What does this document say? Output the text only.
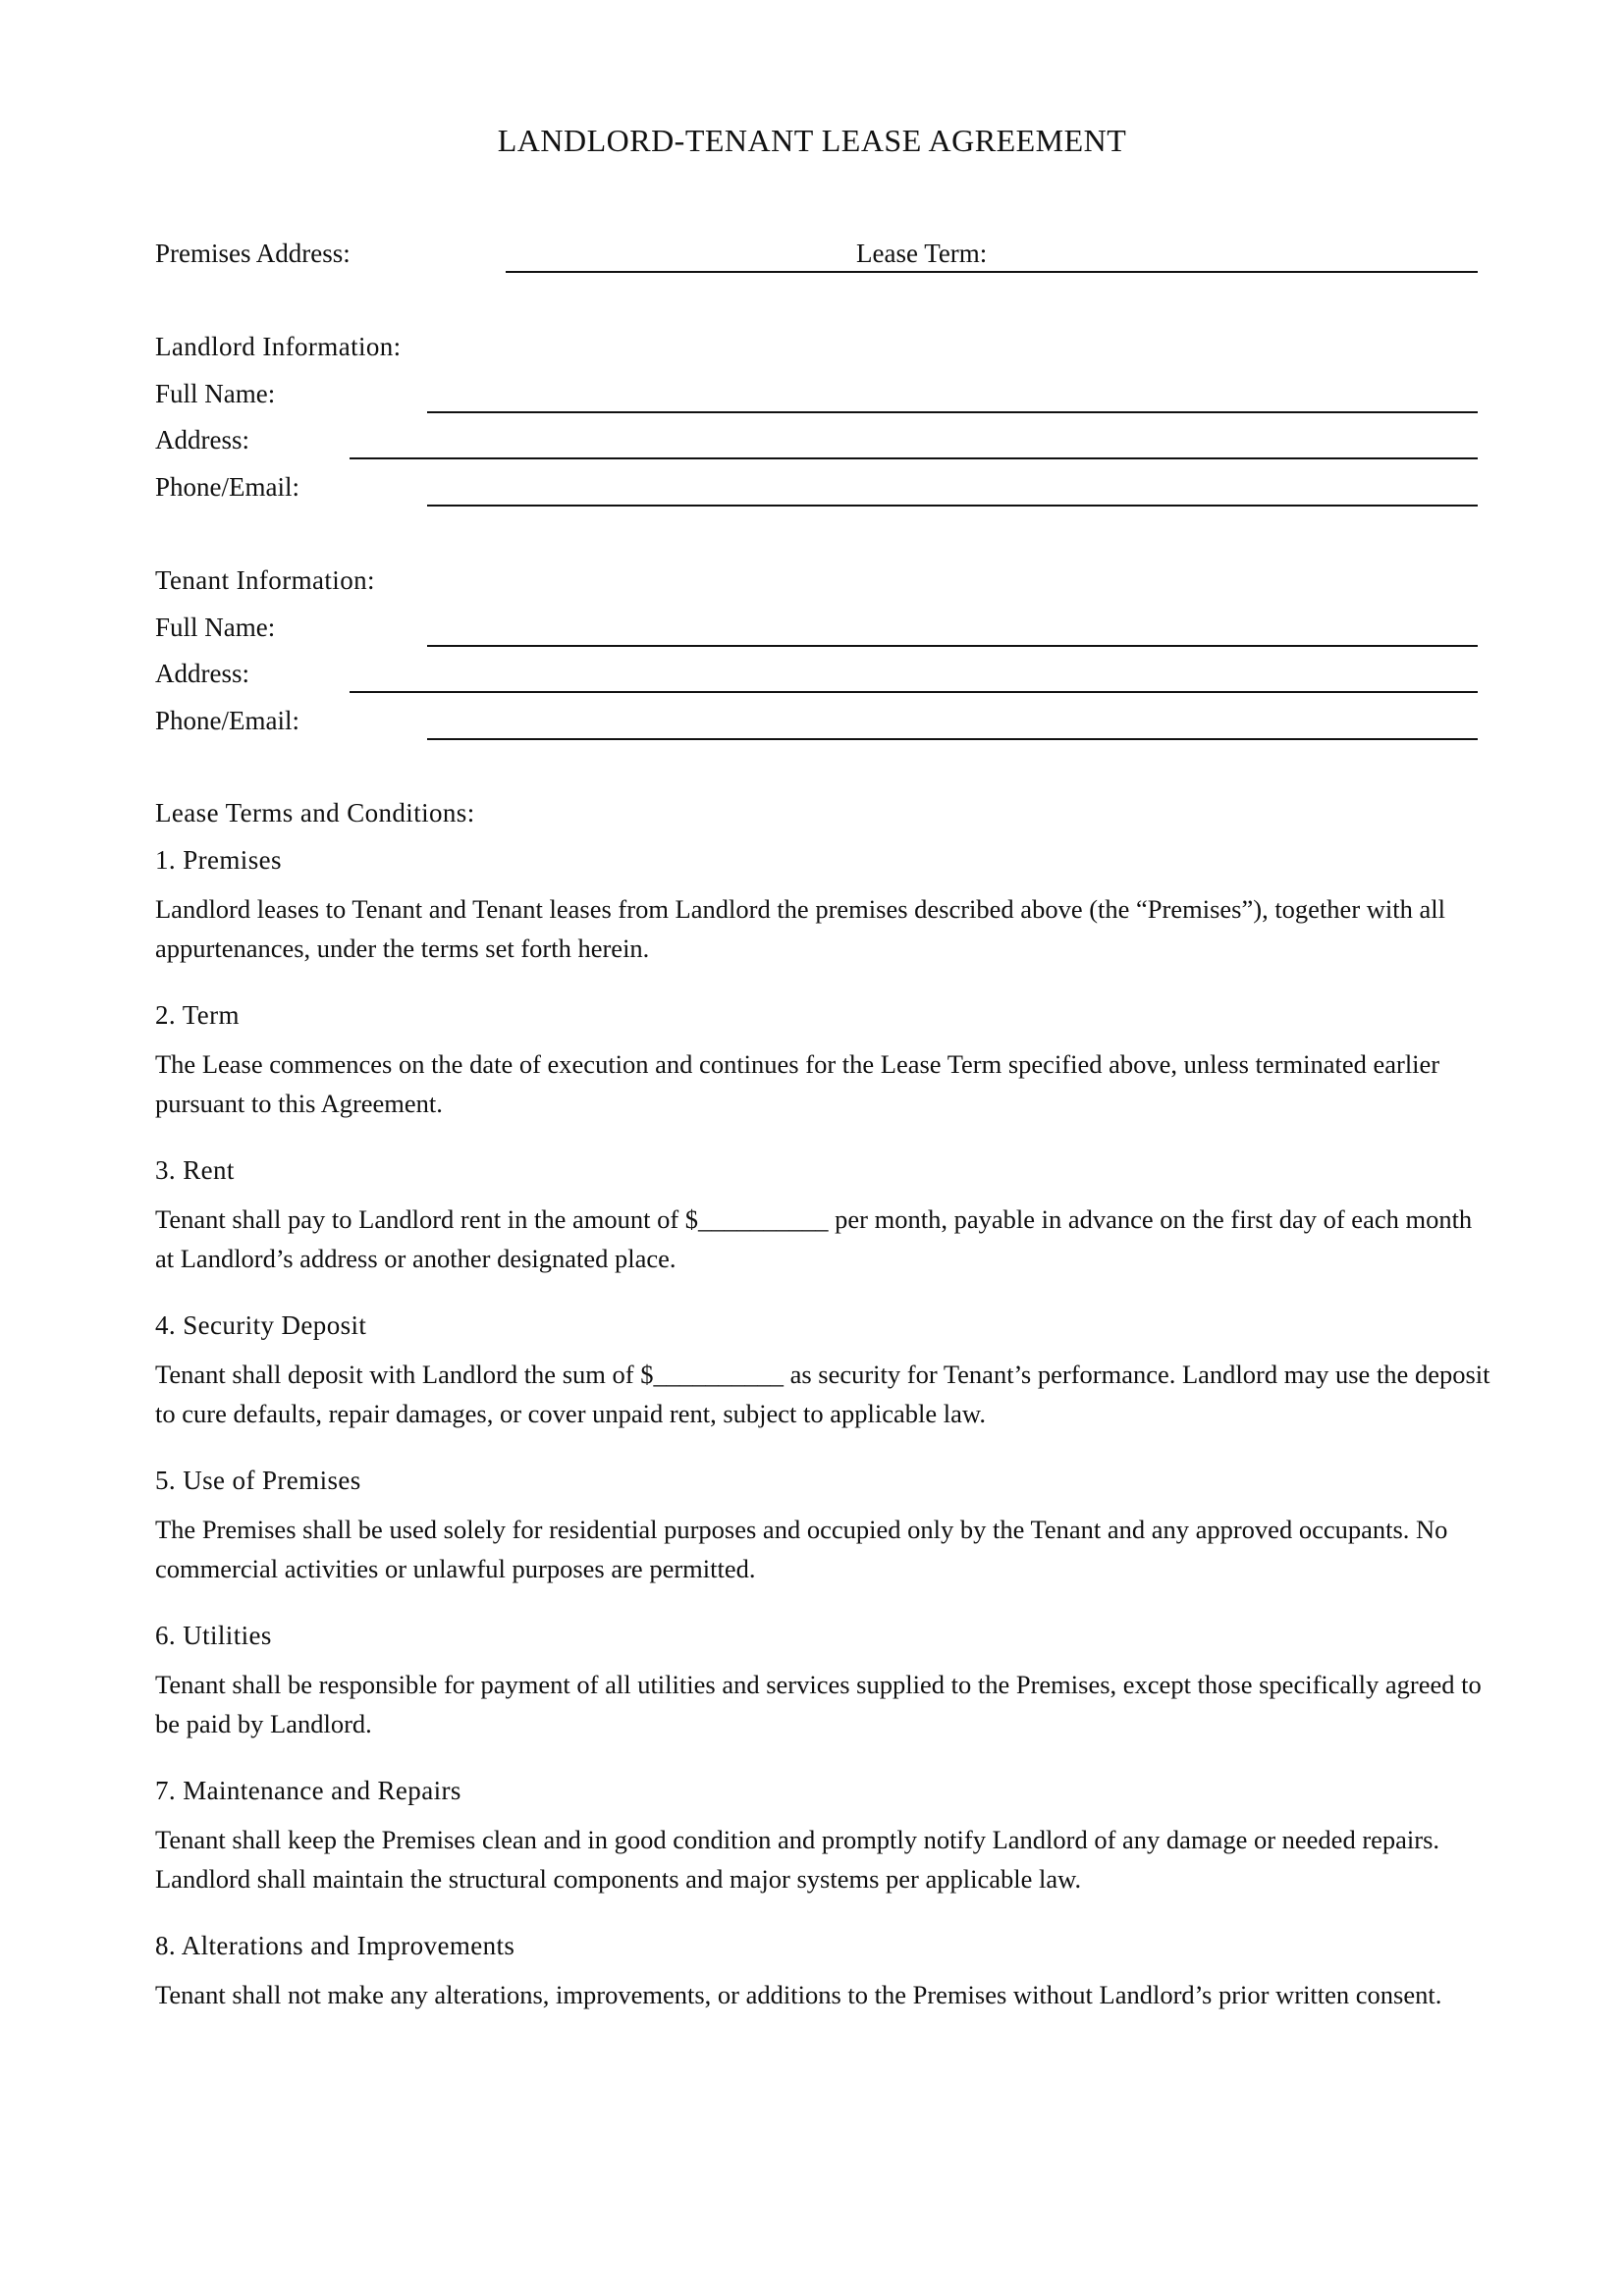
LANDLORD-TENANT LEASE AGREEMENT
Premises Address:	Lease Term:
Landlord Information:
Full Name:
Address:
Phone/Email:
Tenant Information:
Full Name:
Address:
Phone/Email:
Lease Terms and Conditions:
1. Premises
Landlord leases to Tenant and Tenant leases from Landlord the premises described above (the “Premises”), together with all appurtenances, under the terms set forth herein.
2. Term
The Lease commences on the date of execution and continues for the Lease Term specified above, unless terminated earlier pursuant to this Agreement.
3. Rent
Tenant shall pay to Landlord rent in the amount of $__________ per month, payable in advance on the first day of each month at Landlord’s address or another designated place.
4. Security Deposit
Tenant shall deposit with Landlord the sum of $__________ as security for Tenant’s performance. Landlord may use the deposit to cure defaults, repair damages, or cover unpaid rent, subject to applicable law.
5. Use of Premises
The Premises shall be used solely for residential purposes and occupied only by the Tenant and any approved occupants. No commercial activities or unlawful purposes are permitted.
6. Utilities
Tenant shall be responsible for payment of all utilities and services supplied to the Premises, except those specifically agreed to be paid by Landlord.
7. Maintenance and Repairs
Tenant shall keep the Premises clean and in good condition and promptly notify Landlord of any damage or needed repairs. Landlord shall maintain the structural components and major systems per applicable law.
8. Alterations and Improvements
Tenant shall not make any alterations, improvements, or additions to the Premises without Landlord’s prior written consent.
